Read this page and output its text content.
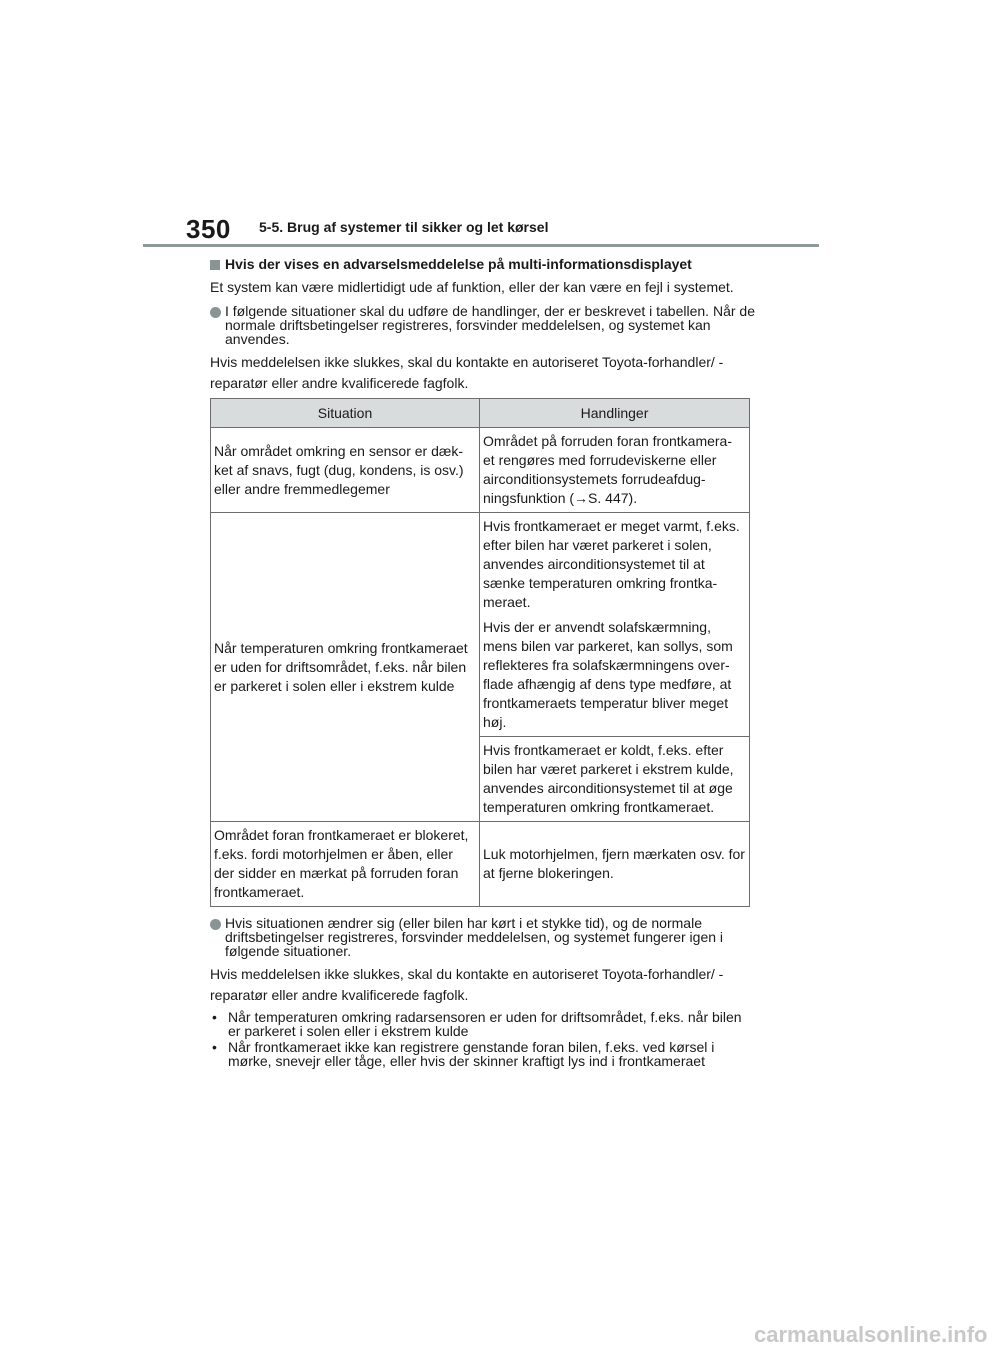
350 5-5. Brug af systemer til sikker og let kørsel
Hvis der vises en advarselsmeddelelse på multi-informationsdisplayet

Et system kan være midlertidigt ude af funktion, eller der kan være en fejl i systemet.

I følgende situationer skal du udføre de handlinger, der er beskrevet i tabellen. Når de normale driftsbetingelser registreres, forsvinder meddelelsen, og systemet kan anvendes.

Hvis meddelelsen ikke slukkes, skal du kontakte en autoriseret Toyota-forhandler/ -reparatør eller andre kvalificerede fagfolk.

Situation	Handlinger
Når området omkring en sensor er dæk- ket af snavs, fugt (dug, kondens, is osv.) eller andre fremmedlegemer	Området på forruden foran frontkamera- et rengøres med forrudeviskerne eller airconditionsystemets forrudeafdug- ningsfunktion (→S. 447).
Når temperaturen omkring frontkameraet er uden for driftsområdet, f.eks. når bilen er parkeret i solen eller i ekstrem kulde	Hvis frontkameraet er meget varmt, f.eks. efter bilen har været parkeret i solen, anvendes airconditionsystemet til at sænke temperaturen omkring frontka- meraet.

Hvis der er anvendt solafskærmning, mens bilen var parkeret, kan sollys, som reflekteres fra solafskærmningens over- flade afhængig af dens type medføre, at frontkameraets temperatur bliver meget høj.

	Hvis frontkameraet er koldt, f.eks. efter bilen har været parkeret i ekstrem kulde, anvendes airconditionsystemet til at øge temperaturen omkring frontkameraet.
Området foran frontkameraet er blokeret, f.eks. fordi motorhjelmen er åben, eller der sidder en mærkat på forruden foran frontkameraet.	Luk motorhjelmen, fjern mærkaten osv. for at fjerne blokeringen.
Hvis situationen ændrer sig (eller bilen har kørt i et stykke tid), og de normale driftsbetingelser registreres, forsvinder meddelelsen, og systemet fungerer igen i følgende situationer.

Hvis meddelelsen ikke slukkes, skal du kontakte en autoriseret Toyota-forhandler/ -reparatør eller andre kvalificerede fagfolk.

• Når temperaturen omkring radarsensoren er uden for driftsområdet, f.eks. når bilen er parkeret i solen eller i ekstrem kulde
• Når frontkameraet ikke kan registrere genstande foran bilen, f.eks. ved kørsel i mørke, snevejr eller tåge, eller hvis der skinner kraftigt lys ind i frontkameraet
carmanualsonline.info
